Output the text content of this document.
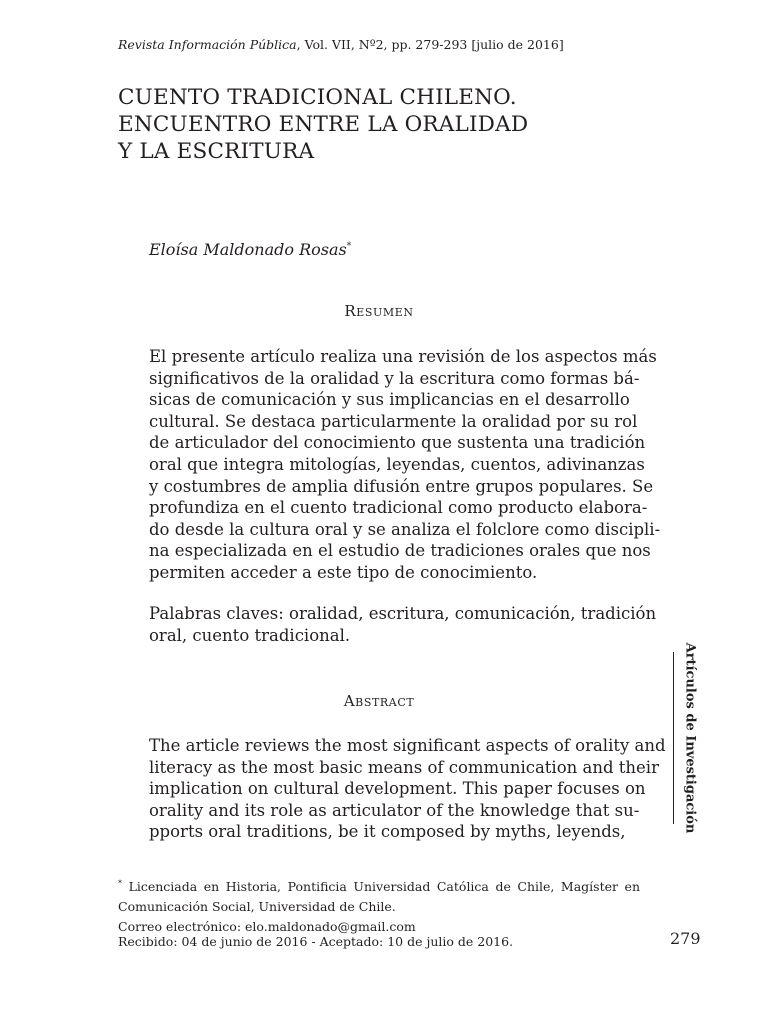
Revista Información Pública, Vol. VII, Nº2, pp. 279-293 [julio de 2016]
CUENTO TRADICIONAL CHILENO.
ENCUENTRO ENTRE LA ORALIDAD
Y LA ESCRITURA
Eloísa Maldonado Rosas*
Resumen
El presente artículo realiza una revisión de los aspectos más
significativos de la oralidad y la escritura como formas bá-
sicas de comunicación y sus implicancias en el desarrollo
cultural. Se destaca particularmente la oralidad por su rol
de articulador del conocimiento que sustenta una tradición
oral que integra mitologías, leyendas, cuentos, adivinanzas
y costumbres de amplia difusión entre grupos populares. Se
profundiza en el cuento tradicional como producto elabora-
do desde la cultura oral y se analiza el folclore como discipli-
na especializada en el estudio de tradiciones orales que nos
permiten acceder a este tipo de conocimiento.
Palabras claves: oralidad, escritura, comunicación, tradición
oral, cuento tradicional.
Abstract
The article reviews the most significant aspects of orality and
literacy as the most basic means of communication and their
implication on cultural development. This paper focuses on
orality and its role as articulator of the knowledge that su-
pports oral traditions, be it composed by myths, leyends,	Artículos de Investigación
* Licenciada en Historia, Pontificia Universidad Católica de Chile, Magíster en
Comunicación Social, Universidad de Chile.
Correo electrónico: elo.maldonado@gmail.com
Recibido: 04 de junio de 2016 - Aceptado: 10 de julio de 2016.	279
